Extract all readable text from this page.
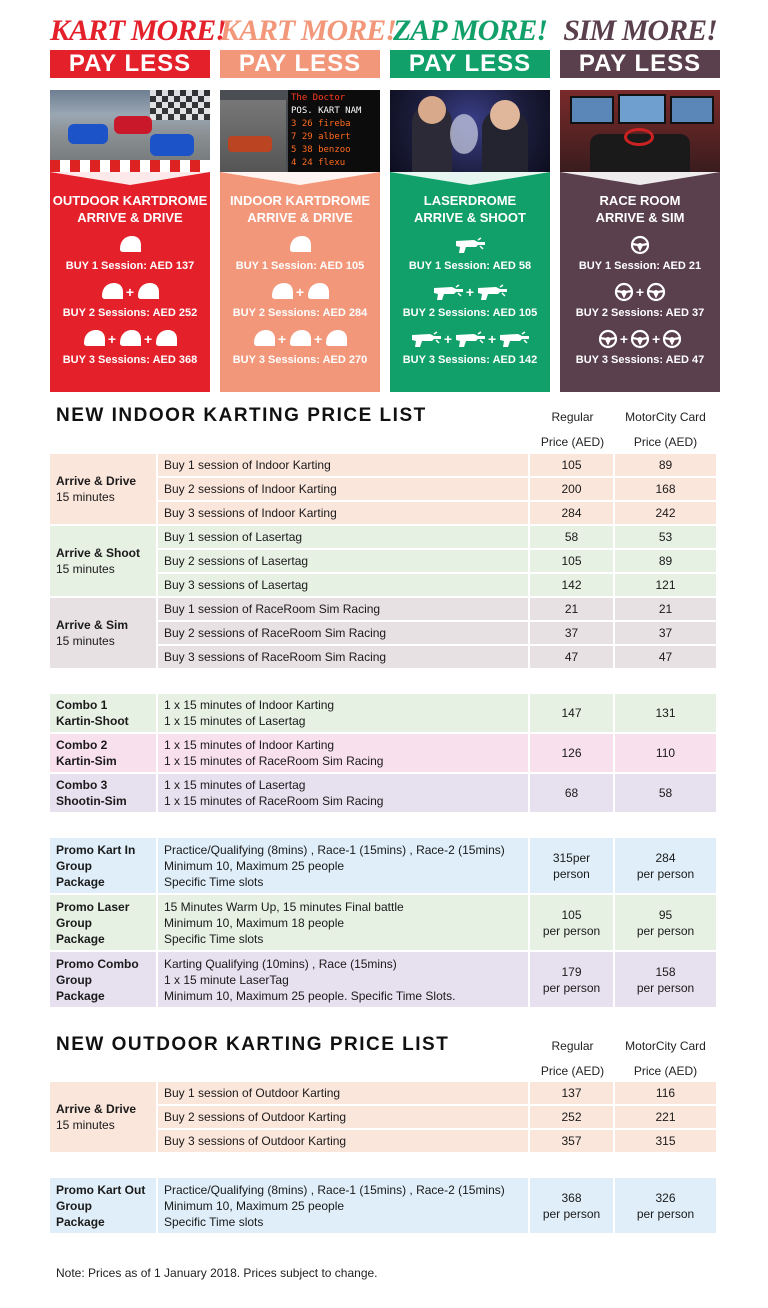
KART MORE!
PAY LESS
OUTDOOR KARTDROME
ARRIVE & DRIVE
BUY 1 Session: AED 137
+
BUY 2 Sessions: AED 252
+ +
BUY 3 Sessions: AED 368
KART MORE!
PAY LESS
The Doctor
POS. KART NAM
3 26 fireba
7 29 albert
5 38 benzoo
4 24 flexu
INDOOR KARTDROME
ARRIVE & DRIVE
BUY 1 Session: AED 105
+
BUY 2 Sessions: AED 284
+ +
BUY 3 Sessions: AED 270
ZAP MORE!
PAY LESS
LASERDROME
ARRIVE & SHOOT
BUY 1 Session: AED 58
+
BUY 2 Sessions: AED 105
+	+
BUY 3 Sessions: AED 142
SIM MORE!
PAY LESS
RACE ROOM
ARRIVE & SIM
BUY 1 Session: AED 21
+
BUY 2 Sessions: AED 37
+ +
BUY 3 Sessions: AED 47
NEW INDOOR KARTING PRICE LIST	Regular
Price (AED)
MotorCity Card
Price (AED)
Arrive & Drive
15 minutes	Buy 1 session of Indoor Karting	105	89
	Buy 2 sessions of Indoor Karting	200	168
	Buy 3 sessions of Indoor Karting	284	242

Arrive & Shoot
15 minutes	Buy 1 session of Lasertag	58	53
	Buy 2 sessions of Lasertag	105	89
	Buy 3 sessions of Lasertag	142	121

Arrive & Sim
15 minutes	Buy 1 session of RaceRoom Sim Racing	21	21
	Buy 2 sessions of RaceRoom Sim Racing	37	37
	Buy 3 sessions of RaceRoom Sim Racing	47	47
Combo 1
Kartin-Shoot	1 x 15 minutes of Indoor Karting
1 x 15 minutes of Lasertag	147	131
Combo 2
Kartin-Sim	1 x 15 minutes of Indoor Karting
1 x 15 minutes of RaceRoom Sim Racing	126	110
Combo 3
Shootin-Sim	1 x 15 minutes of Lasertag
1 x 15 minutes of RaceRoom Sim Racing	68	58
Promo Kart In
Group
Package	Practice/Qualifying (8mins) , Race-1 (15mins) , Race-2 (15mins)
Minimum 10, Maximum 25 people
Specific Time slots	315per
person	284
per person
Promo Laser
Group
Package	15 Minutes Warm Up, 15 minutes Final battle
Minimum 10, Maximum 18 people
Specific Time slots	105
per person	95
per person
Promo Combo
Group
Package	Karting Qualifying (10mins) , Race (15mins)
1 x 15 minute LaserTag
Minimum 10, Maximum 25 people. Specific Time Slots.	179
per person	158
per person
NEW OUTDOOR KARTING PRICE LIST	Regular
Price (AED)
MotorCity Card
Price (AED)
Arrive & Drive
15 minutes	Buy 1 session of Outdoor Karting	137	116
	Buy 2 sessions of Outdoor Karting	252	221
	Buy 3 sessions of Outdoor Karting	357	315
Promo Kart Out
Group
Package	Practice/Qualifying (8mins) , Race-1 (15mins) , Race-2 (15mins)
Minimum 10, Maximum 25 people
Specific Time slots	368
per person	326
per person
Note: Prices as of 1 January 2018. Prices subject to change.
